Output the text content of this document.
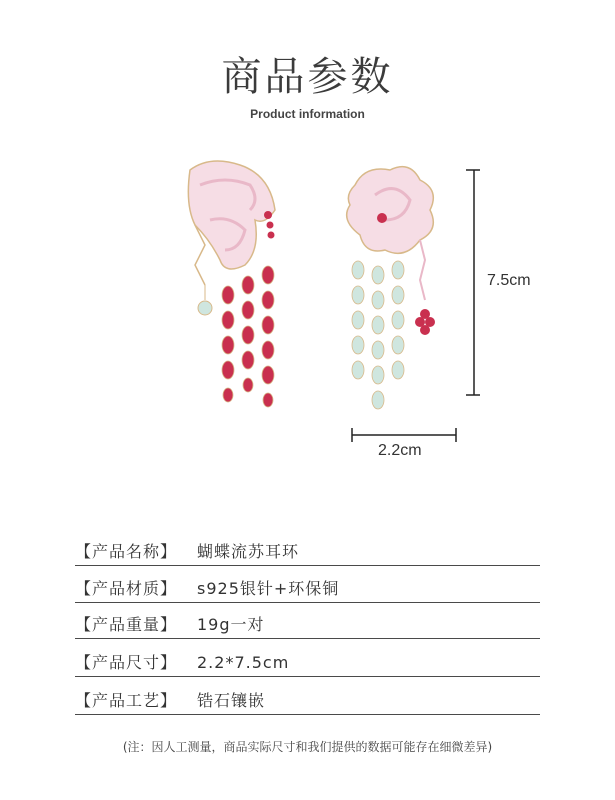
商品参数
Product information
7.5cm
2.2cm
【产品名称】 蝴蝶流苏耳环
【产品材质】 s925银针+环保铜
【产品重量】 19g一对
【产品尺寸】 2.2*7.5cm
【产品工艺】 锆石镶嵌
(注：因人工测量，商品实际尺寸和我们提供的数据可能存在细微差异)
